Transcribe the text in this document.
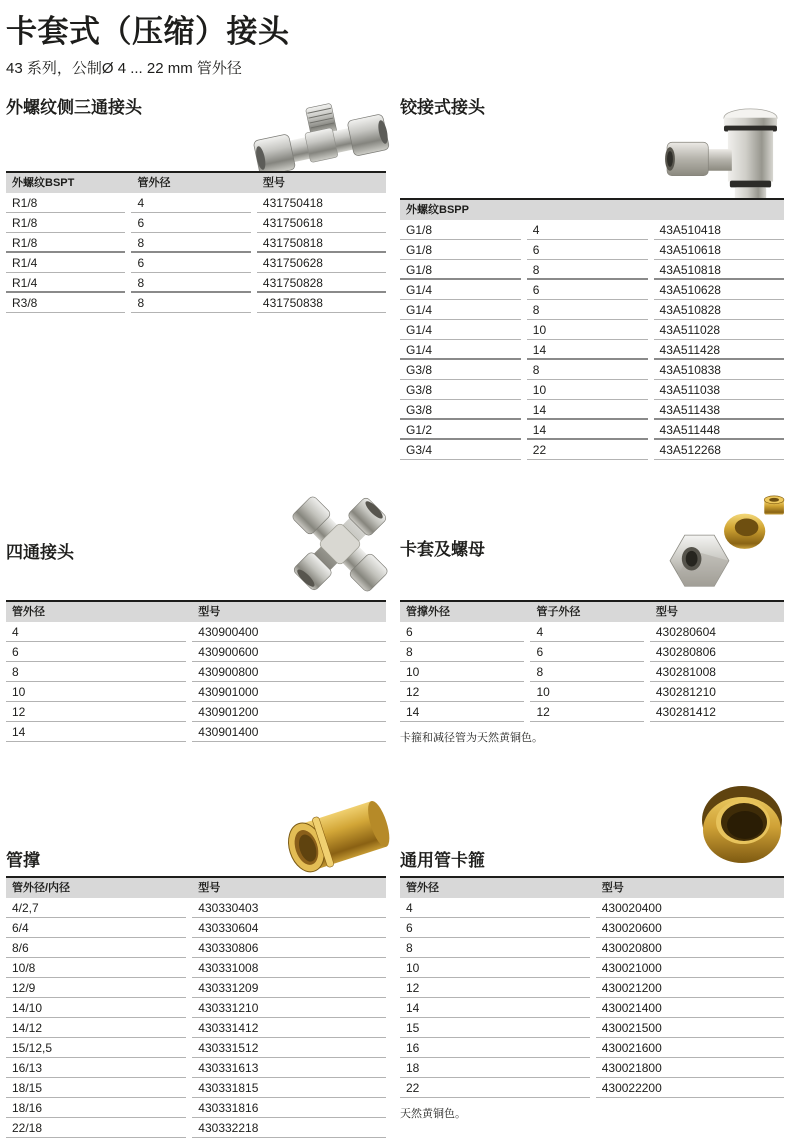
卡套式（压缩）接头

43 系列，公制Ø 4 ... 22 mm 管外径

外螺纹侧三通接头
外螺纹BSPT	管外径	型号
R1/8	4	431750418
R1/8	6	431750618
R1/8	8	431750818
R1/4	6	431750628
R1/4	8	431750828
R3/8	8	431750838
铰接式接头
外螺纹BSPP		
G1/8	4	43A510418
G1/8	6	43A510618
G1/8	8	43A510818
G1/4	6	43A510628
G1/4	8	43A510828
G1/4	10	43A511028
G1/4	14	43A511428
G3/8	8	43A510838
G3/8	10	43A511038
G3/8	14	43A511438
G1/2	14	43A511448
G3/4	22	43A512268
四通接头
管外径	型号
4	430900400
6	430900600
8	430900800
10	430901000
12	430901200
14	430901400
卡套及螺母
管撑外径	管子外径	型号
6	4	430280604
8	6	430280806
10	8	430281008
12	10	430281210
14	12	430281412

卡箍和减径管为天然黄铜色。

管撑
管外径/内径	型号
4/2,7	430330403
6/4	430330604
8/6	430330806
10/8	430331008
12/9	430331209
14/10	430331210
14/12	430331412
15/12,5	430331512
16/13	430331613
18/15	430331815
18/16	430331816
22/18	430332218
通用管卡箍
管外径	型号
4	430020400
6	430020600
8	430020800
10	430021000
12	430021200
14	430021400
15	430021500
16	430021600
18	430021800
22	430022200

天然黄铜色。
